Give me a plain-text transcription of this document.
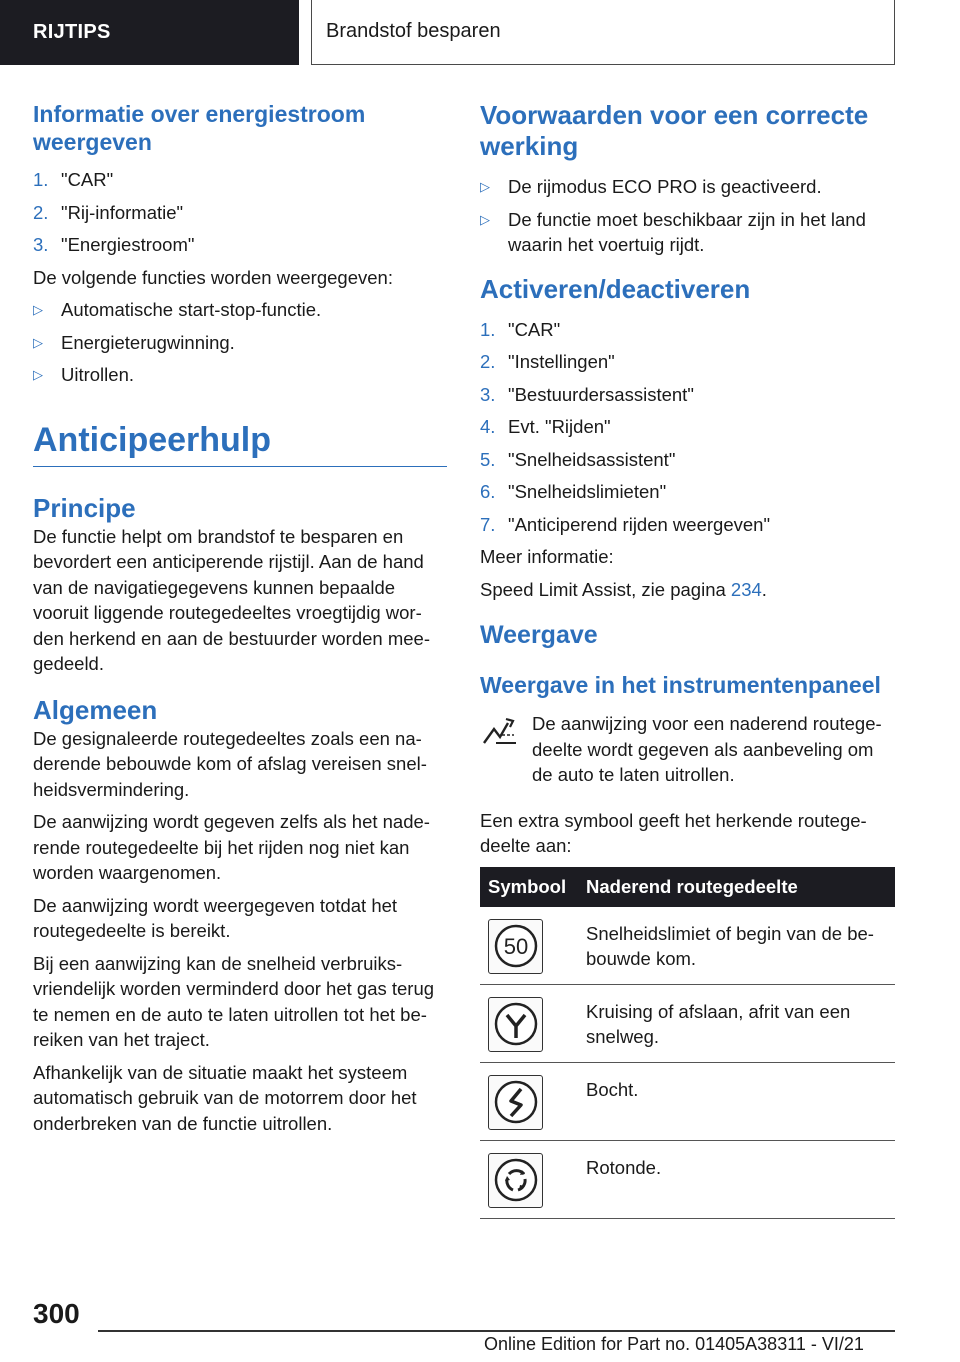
RIJTIPS	Brandstof besparen
Informatie over energiestroom weergeven
1. "CAR"
2. "Rij-informatie"
3. "Energiestroom"

De volgende functies worden weergegeven:

▷ Automatische start-stop-functie.
▷ Energieterugwinning.
▷ Uitrollen.
Anticipeerhulp
Principe

De functie helpt om brandstof te besparen en bevordert een anticiperende rijstijl. Aan de hand van de navigatiegegevens kunnen bepaalde vooruit liggende routegedeeltes vroegtijdig wor-den herkend en aan de bestuurder worden mee-gedeeld.

Algemeen

De gesignaleerde routegedeeltes zoals een na-derende bebouwde kom of afslag vereisen snel-heidsvermindering.

De aanwijzing wordt gegeven zelfs als het nade-rende routegedeelte bij het rijden nog niet kan worden waargenomen.

De aanwijzing wordt weergegeven totdat het routegedeelte is bereikt.

Bij een aanwijzing kan de snelheid verbruiks-vriendelijk worden verminderd door het gas terug te nemen en de auto te laten uitrollen tot het be-reiken van het traject.

Afhankelijk van de situatie maakt het systeem automatisch gebruik van de motorrem door het onderbreken van de functie uitrollen.

Voorwaarden voor een correcte werking
▷ De rijmodus ECO PRO is geactiveerd.
▷ De functie moet beschikbaar zijn in het land waarin het voertuig rijdt.
Activeren/deactiveren
1. "CAR"
2. "Instellingen"
3. "Bestuurdersassistent"
4. Evt. "Rijden"
5. "Snelheidsassistent"
6. "Snelheidslimieten"
7. "Anticiperend rijden weergeven"

Meer informatie:

Speed Limit Assist, zie pagina 234.

Weergave
Weergave in het instrumentenpaneel

De aanwijzing voor een naderend routege-deelte wordt gegeven als aanbeveling om de auto te laten uitrollen.

Een extra symbool geeft het herkende routege-deelte aan:

Symbool	Naderend routegedeelte

50	Snelheidslimiet of begin van de be-bouwde kom.

	Kruising of afslaan, afrit van een snelweg.

	Bocht.

	Rotonde.
300
Online Edition for Part no. 01405A38311 - VI/21
